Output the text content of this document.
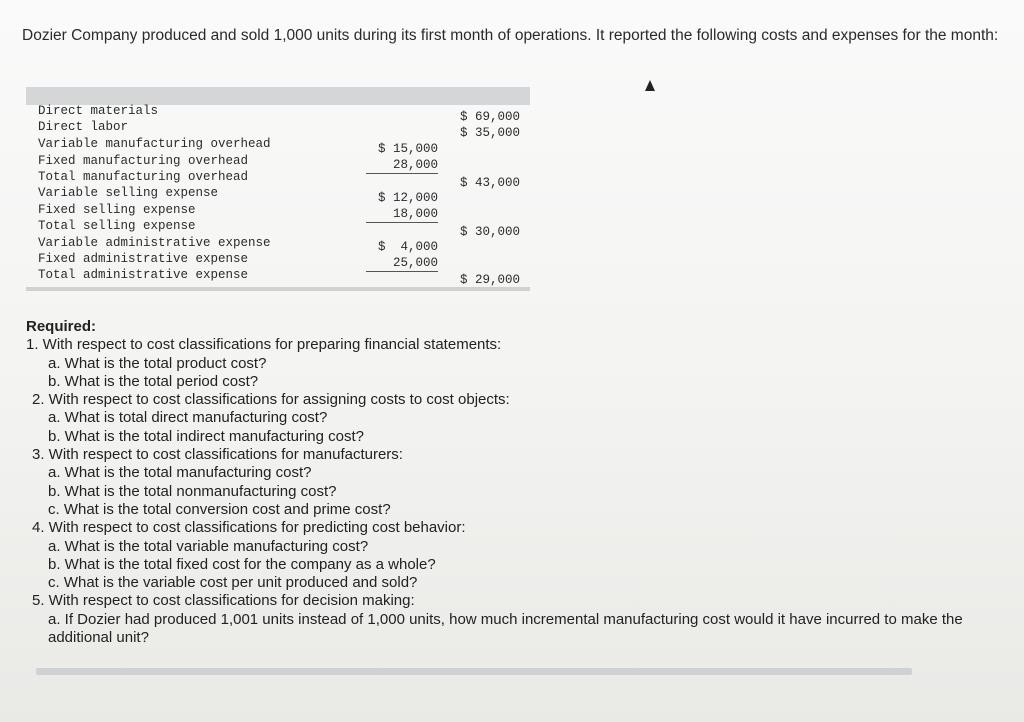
Dozier Company produced and sold 1,000 units during its first month of operations. It reported the following costs and expenses for the month:
Direct materials
Direct labor
Variable manufacturing overhead
Fixed manufacturing overhead
Total manufacturing overhead
Variable selling expense
Fixed selling expense
Total selling expense
Variable administrative expense
Fixed administrative expense
Total administrative expense
$ 69,000
$ 35,000
$ 15,000
28,000
$ 43,000
$ 12,000
18,000
$ 30,000
$  4,000
25,000
$ 29,000
Required:
1. With respect to cost classifications for preparing financial statements:
a. What is the total product cost?
b. What is the total period cost?
2. With respect to cost classifications for assigning costs to cost objects:
a. What is total direct manufacturing cost?
b. What is the total indirect manufacturing cost?
3. With respect to cost classifications for manufacturers:
a. What is the total manufacturing cost?
b. What is the total nonmanufacturing cost?
c. What is the total conversion cost and prime cost?
4. With respect to cost classifications for predicting cost behavior:
a. What is the total variable manufacturing cost?
b. What is the total fixed cost for the company as a whole?
c. What is the variable cost per unit produced and sold?
5. With respect to cost classifications for decision making:
a. If Dozier had produced 1,001 units instead of 1,000 units, how much incremental manufacturing cost would it have incurred to make the additional unit?
